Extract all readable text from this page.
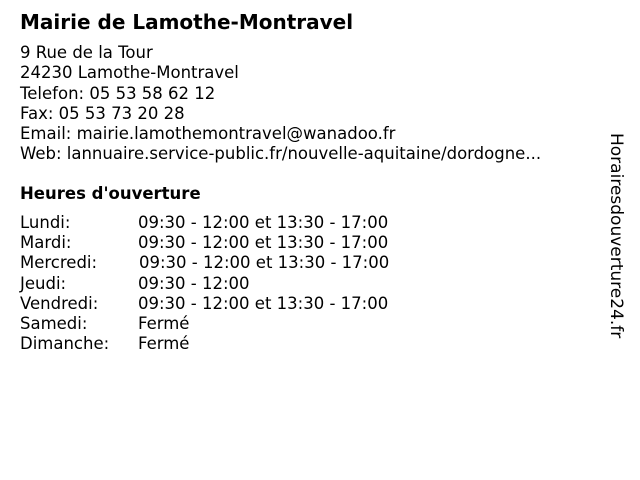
Mairie de Lamothe-Montravel
9 Rue de la Tour
24230 Lamothe-Montravel
Telefon: 05 53 58 62 12
Fax: 05 53 73 20 28
Email: mairie.lamothemontravel@wanadoo.fr
Web: lannuaire.service-public.fr/nouvelle-aquitaine/dordogne...
Heures d'ouverture
Lundi:	09:30 - 12:00 et 13:30 - 17:00
Mardi:	09:30 - 12:00 et 13:30 - 17:00
Mercredi:	09:30 - 12:00 et 13:30 - 17:00
Jeudi:	09:30 - 12:00
Vendredi: 09:30 - 12:00 et 13:30 - 17:00
Samedi:	Fermé
Dimanche: Fermé
Horairesdouverture24.fr
